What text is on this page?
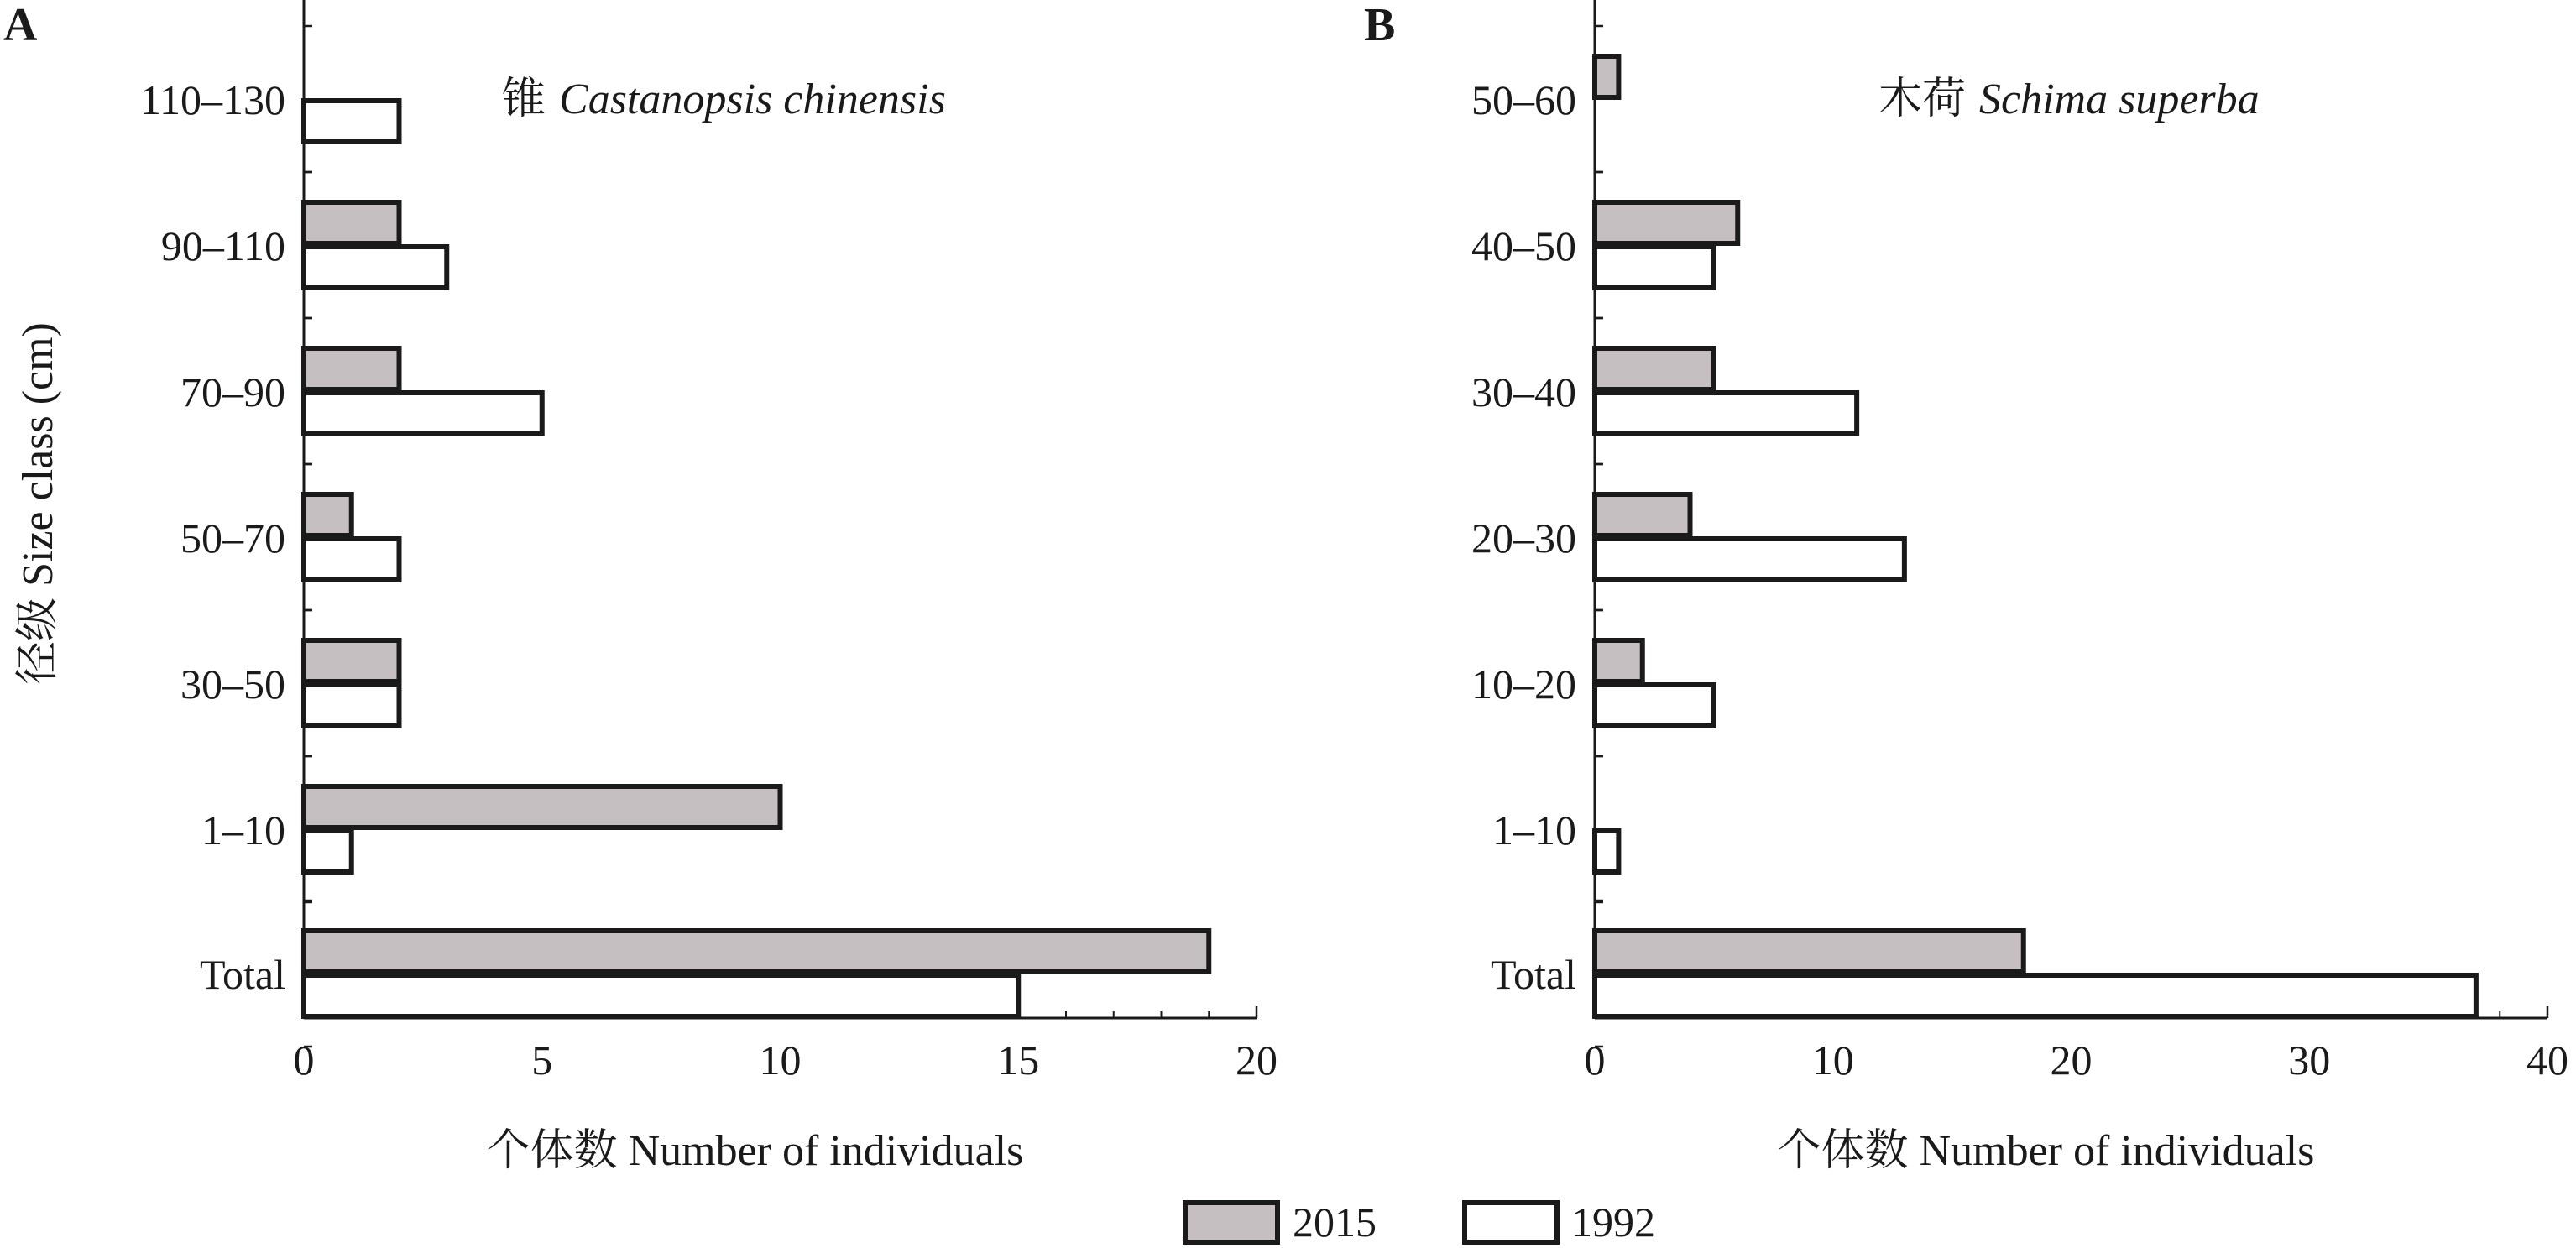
0	5	10	15	20
110–130
90–110
70–90
50–70
30–50
1–10
Total
A
锥 Castanopsis chinensis
个体数 Number of individuals
径级 Size class (cm)
0	10	20	30	40
50–60
40–50
30–40
20–30
10–20
1–10
Total
B
木荷 Schima superba
个体数 Number of individuals
2015	1992
